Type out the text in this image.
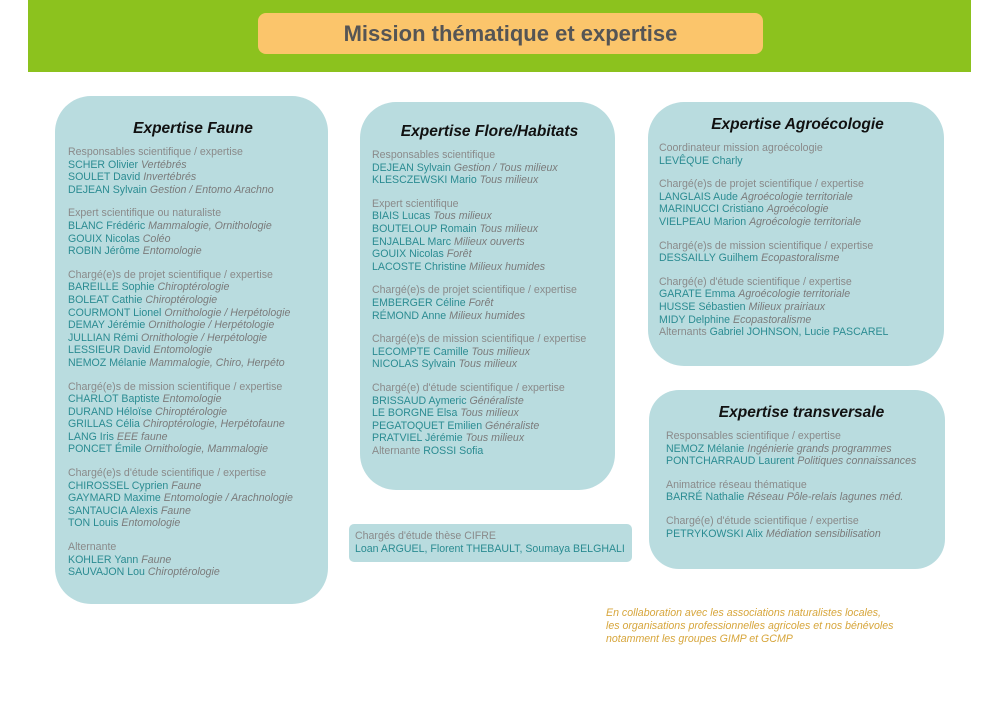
Mission thématique et expertise
Expertise Faune
Responsables scientifique / expertise
SCHER Olivier Vertébrés
SOULET David Invertébrés
DEJEAN Sylvain Gestion / Entomo Arachno
Expert scientifique ou naturaliste
BLANC Frédéric Mammalogie, Ornithologie
GOUIX Nicolas Coléo
ROBIN Jérôme Entomologie
Chargé(e)s de projet scientifique / expertise
BAREILLE Sophie Chiroptérologie
BOLEAT Cathie Chiroptérologie
COURMONT Lionel Ornithologie / Herpétologie
DEMAY Jérémie Ornithologie / Herpétologie
JULLIAN Rémi Ornithologie / Herpétologie
LESSIEUR David Entomologie
NEMOZ Mélanie Mammalogie, Chiro, Herpéto
Chargé(e)s de mission scientifique / expertise
CHARLOT Baptiste Entomologie
DURAND Héloïse Chiroptérologie
GRILLAS Célia Chiroptérologie, Herpétofaune
LANG Iris EEE faune
PONCET Émile Ornithologie, Mammalogie
Chargé(e)s d'étude scientifique / expertise
CHIROSSEL Cyprien Faune
GAYMARD Maxime Entomologie / Arachnologie
SANTAUCIA Alexis Faune
TON Louis Entomologie
Alternante
KOHLER Yann Faune
SAUVAJON Lou Chiroptérologie
Expertise Flore/Habitats
Responsables scientifique
DEJEAN Sylvain Gestion / Tous milieux
KLESCZEWSKI Mario Tous milieux
Expert scientifique
BIAIS Lucas Tous milieux
BOUTELOUP Romain Tous milieux
ENJALBAL Marc Milieux ouverts
GOUIX Nicolas Forêt
LACOSTE Christine Milieux humides
Chargé(e)s de projet scientifique / expertise
EMBERGER Céline Forêt
RÉMOND Anne Milieux humides
Chargé(e)s de mission scientifique / expertise
LECOMPTE Camille Tous milieux
NICOLAS Sylvain Tous milieux
Chargé(e) d'étude scientifique / expertise
BRISSAUD Aymeric Généraliste
LE BORGNE Elsa Tous milieux
PEGATOQUET Emilien Généraliste
PRATVIEL Jérémie Tous milieux
Alternante ROSSI Sofia
Expertise Agroécologie
Coordinateur mission agroécologie
LEVÊQUE Charly
Chargé(e)s de projet scientifique / expertise
LANGLAIS Aude Agroécologie territoriale
MARINUCCI Cristiano Agroécologie
VIELPEAU Marion Agroécologie territoriale
Chargé(e)s de mission scientifique / expertise
DESSAILLY Guilhem Ecopastoralisme
Chargé(e) d'étude scientifique / expertise
GARATE Emma Agroécologie territoriale
HUSSE Sébastien Milieux prairiaux
MIDY Delphine Ecopastoralisme
Alternants Gabriel JOHNSON, Lucie PASCAREL
Expertise transversale
Responsables scientifique / expertise
NEMOZ Mélanie Ingénierie grands programmes
PONTCHARRAUD Laurent Politiques connaissances
Animatrice réseau thématique
BARRÉ Nathalie Réseau Pôle-relais lagunes méd.
Chargé(e) d'étude scientifique / expertise
PETRYKOWSKI Alix Médiation sensibilisation
Chargés d'étude thèse CIFRE
Loan ARGUEL, Florent THEBAULT, Soumaya BELGHALI
En collaboration avec les associations naturalistes locales, les organisations professionnelles agricoles et nos bénévoles notamment les groupes GIMP et GCMP
